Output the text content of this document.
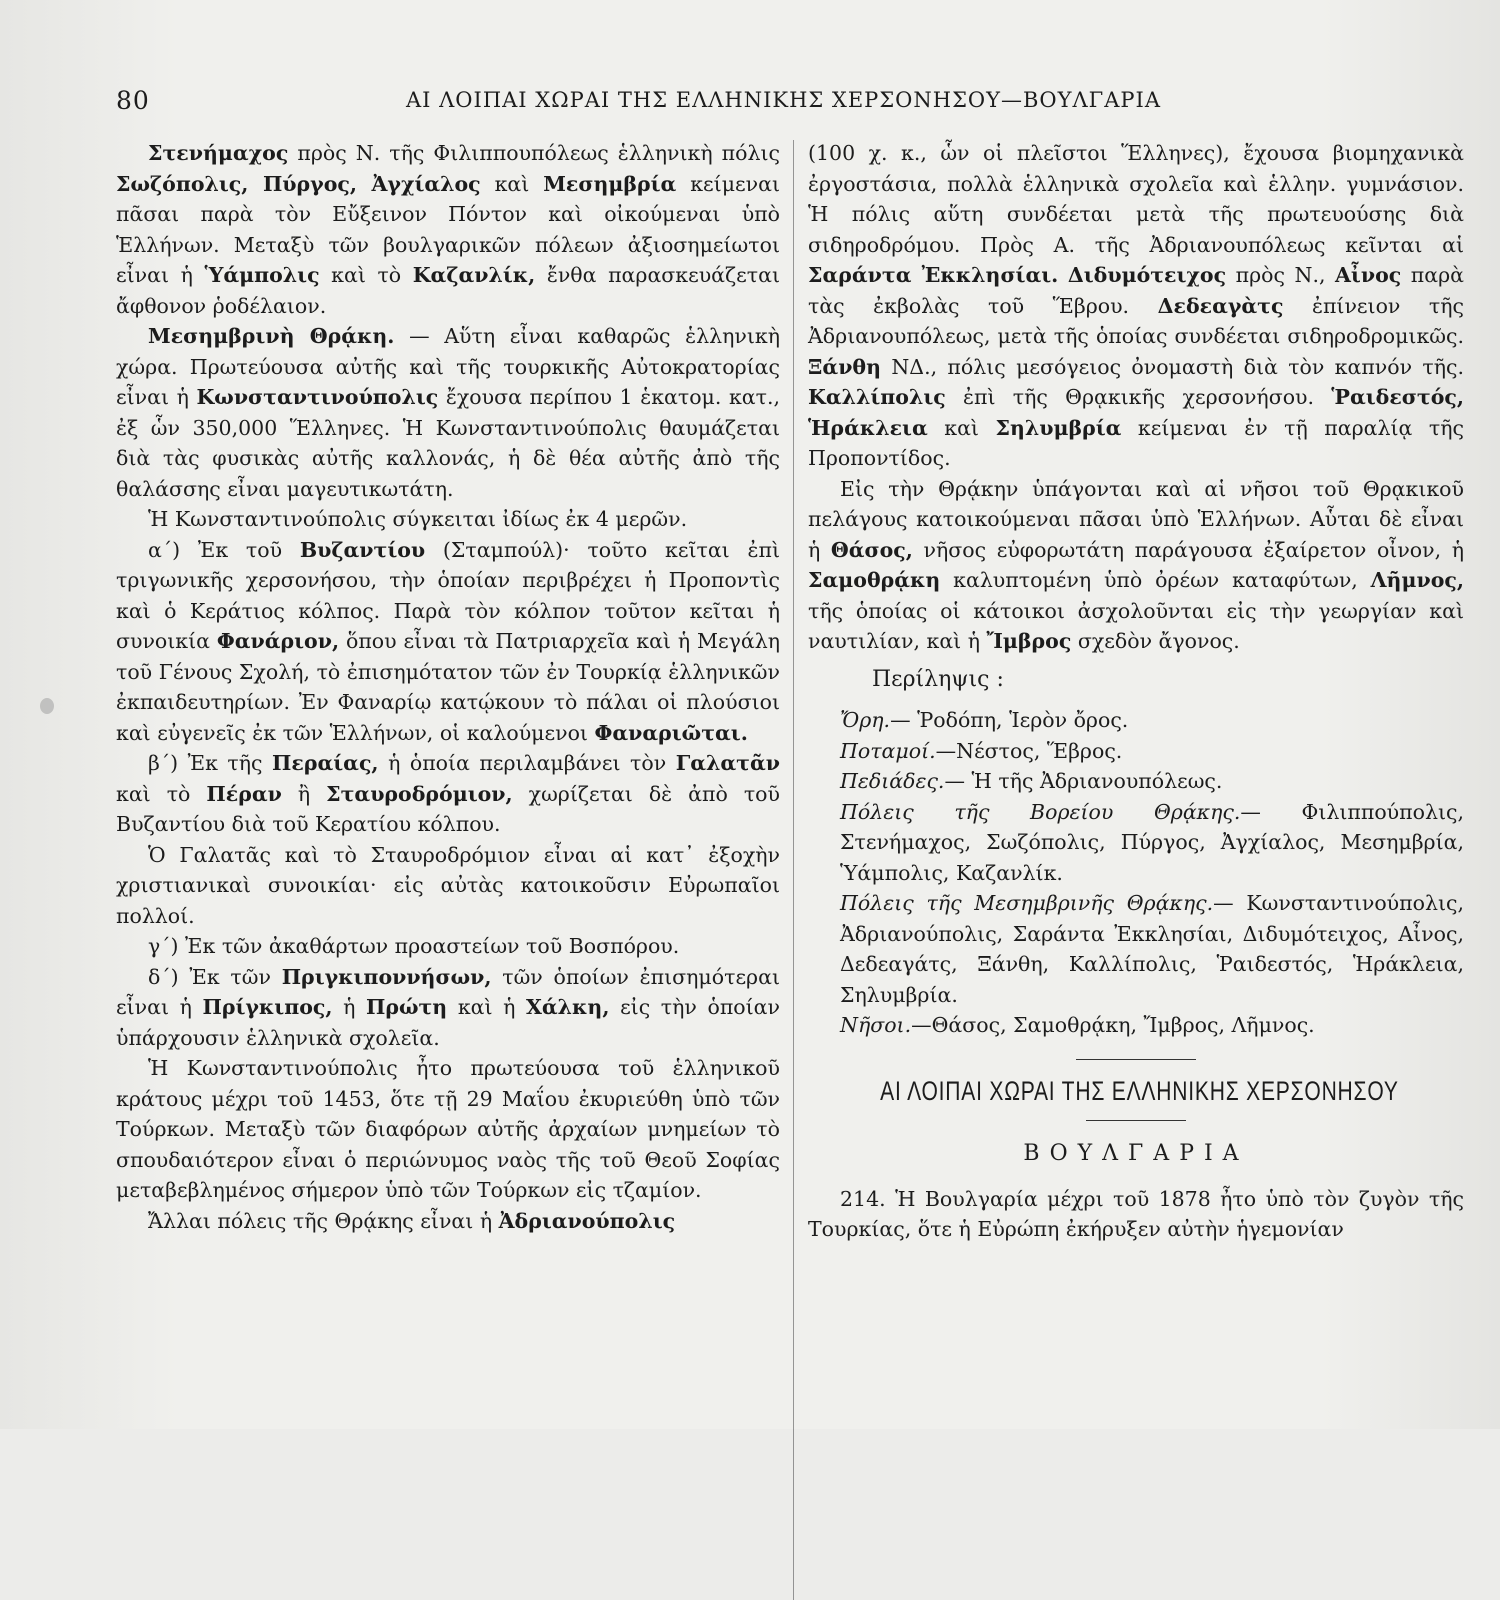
80	ΑΙ ΛΟΙΠΑΙ ΧΩΡΑΙ ΤΗΣ ΕΛΛΗΝΙΚΗΣ ΧΕΡΣΟΝΗΣΟΥ—ΒΟΥΛΓΑΡΙΑ

Στενήμαχος πρὸς Ν. τῆς Φιλιππουπόλεως ἑλληνικὴ πόλις Σωζόπολις, Πύργος, Ἀγχίαλος καὶ Μεσημβρία κείμεναι πᾶσαι παρὰ τὸν Εὔξεινον Πόντον καὶ οἰκούμεναι ὑπὸ Ἑλλήνων. Μεταξὺ τῶν βουλγαρικῶν πόλεων ἀξιοσημείωτοι εἶναι ἡ Ὑάμπολις καὶ τὸ Καζανλίκ, ἔνθα παρασκευάζεται ἄφθονον ῥοδέλαιον.

Μεσημβρινὴ Θρᾴκη. — Αὕτη εἶναι καθαρῶς ἑλληνικὴ χώρα. Πρωτεύουσα αὐτῆς καὶ τῆς τουρκικῆς Αὐτοκρατορίας εἶναι ἡ Κωνσταντινούπολις ἔχουσα περίπου 1 ἑκατομ. κατ., ἐξ ὧν 350,000 Ἕλληνες. Ἡ Κωνσταντινούπολις θαυμάζεται διὰ τὰς φυσικὰς αὐτῆς καλλονάς, ἡ δὲ θέα αὐτῆς ἀπὸ τῆς θαλάσσης εἶναι μαγευτικωτάτη.

Ἡ Κωνσταντινούπολις σύγκειται ἰδίως ἐκ 4 μερῶν.

α΄) Ἐκ τοῦ Βυζαντίου (Σταμπούλ)· τοῦτο κεῖται ἐπὶ τριγωνικῆς χερσονήσου, τὴν ὁποίαν περιβρέχει ἡ Προποντὶς καὶ ὁ Κεράτιος κόλπος. Παρὰ τὸν κόλπον τοῦτον κεῖται ἡ συνοικία Φανάριον, ὅπου εἶναι τὰ Πατριαρχεῖα καὶ ἡ Μεγάλη τοῦ Γένους Σχολή, τὸ ἐπισημότατον τῶν ἐν Τουρκίᾳ ἑλληνικῶν ἐκπαιδευτηρίων. Ἐν Φαναρίῳ κατῴκουν τὸ πάλαι οἱ πλούσιοι καὶ εὐγενεῖς ἐκ τῶν Ἑλλήνων, οἱ καλούμενοι Φαναριῶται.

β΄) Ἐκ τῆς Περαίας, ἡ ὁποία περιλαμβάνει τὸν Γαλατᾶν καὶ τὸ Πέραν ἢ Σταυροδρόμιον, χωρίζεται δὲ ἀπὸ τοῦ Βυζαντίου διὰ τοῦ Κερατίου κόλπου.

Ὁ Γαλατᾶς καὶ τὸ Σταυροδρόμιον εἶναι αἱ κατ᾽ ἐξοχὴν χριστιανικαὶ συνοικίαι· εἰς αὐτὰς κατοικοῦσιν Εὐρωπαῖοι πολλοί.

γ΄) Ἐκ τῶν ἀκαθάρτων προαστείων τοῦ Βοσπόρου.

δ΄) Ἐκ τῶν Πριγκιποννήσων, τῶν ὁποίων ἐπισημότεραι εἶναι ἡ Πρίγκιπος, ἡ Πρώτη καὶ ἡ Χάλκη, εἰς τὴν ὁποίαν ὑπάρχουσιν ἑλληνικὰ σχολεῖα.

Ἡ Κωνσταντινούπολις ἦτο πρωτεύουσα τοῦ ἑλληνικοῦ κράτους μέχρι τοῦ 1453, ὅτε τῇ 29 Μαΐου ἐκυριεύθη ὑπὸ τῶν Τούρκων. Μεταξὺ τῶν διαφόρων αὐτῆς ἀρχαίων μνημείων τὸ σπουδαιότερον εἶναι ὁ περιώνυμος ναὸς τῆς τοῦ Θεοῦ Σοφίας μεταβεβλημένος σήμερον ὑπὸ τῶν Τούρκων εἰς τζαμίον.

Ἄλλαι πόλεις τῆς Θρᾴκης εἶναι ἡ Ἀδριανούπολις

(100 χ. κ., ὧν οἱ πλεῖστοι Ἕλληνες), ἔχουσα βιομηχανικὰ ἐργοστάσια, πολλὰ ἑλληνικὰ σχολεῖα καὶ ἑλλην. γυμνάσιον. Ἡ πόλις αὕτη συνδέεται μετὰ τῆς πρωτευούσης διὰ σιδηροδρόμου. Πρὸς Α. τῆς Ἀδριανουπόλεως κεῖνται αἱ Σαράντα Ἐκκλησίαι. Διδυμότειχος πρὸς Ν., Αἶνος παρὰ τὰς ἐκβολὰς τοῦ Ἕβρου. Δεδεαγὰτς ἐπίνειον τῆς Ἀδριανουπόλεως, μετὰ τῆς ὁποίας συνδέεται σιδηροδρομικῶς. Ξάνθη ΝΔ., πόλις μεσόγειος ὀνομαστὴ διὰ τὸν καπνόν τῆς. Καλλίπολις ἐπὶ τῆς Θρᾳκικῆς χερσονήσου. Ῥαιδεστός, Ἡράκλεια καὶ Σηλυμβρία κείμεναι ἐν τῇ παραλίᾳ τῆς Προποντίδος.

Εἰς τὴν Θρᾴκην ὑπάγονται καὶ αἱ νῆσοι τοῦ Θρᾳκικοῦ πελάγους κατοικούμεναι πᾶσαι ὑπὸ Ἑλλήνων. Αὗται δὲ εἶναι ἡ Θάσος, νῆσος εὐφορωτάτη παράγουσα ἐξαίρετον οἶνον, ἡ Σαμοθρᾴκη καλυπτομένη ὑπὸ ὀρέων καταφύτων, Λῆμνος, τῆς ὁποίας οἱ κάτοικοι ἀσχολοῦνται εἰς τὴν γεωργίαν καὶ ναυτιλίαν, καὶ ἡ Ἴμβρος σχεδὸν ἄγονος.

Περίληψις :

Ὄρη.— Ῥοδόπη, Ἱερὸν ὄρος.

Ποταμοί.—Νέστος, Ἕβρος.

Πεδιάδες.— Ἡ τῆς Ἀδριανουπόλεως.

Πόλεις τῆς Βορείου Θρᾴκης.— Φιλιππούπολις, Στενήμαχος, Σωζόπολις, Πύργος, Ἀγχίαλος, Μεσημβρία, Ὑάμπολις, Καζανλίκ.

Πόλεις τῆς Μεσημβρινῆς Θρᾴκης.— Κωνσταντινούπολις, Ἀδριανούπολις, Σαράντα Ἐκκλησίαι, Διδυμότειχος, Αἶνος, Δεδεαγάτς, Ξάνθη, Καλλίπολις, Ῥαιδεστός, Ἡράκλεια, Σηλυμβρία.

Νῆσοι.—Θάσος, Σαμοθρᾴκη, Ἴμβρος, Λῆμνος.

ΑΙ ΛΟΙΠΑΙ ΧΩΡΑΙ ΤΗΣ ΕΛΛΗΝΙΚΗΣ ΧΕΡΣΟΝΗΣΟΥ
ΒΟΥΛΓΑΡΙΑ

214. Ἡ Βουλγαρία μέχρι τοῦ 1878 ἦτο ὑπὸ τὸν ζυγὸν τῆς Τουρκίας, ὅτε ἡ Εὐρώπη ἐκήρυξεν αὐτὴν ἡγεμονίαν
